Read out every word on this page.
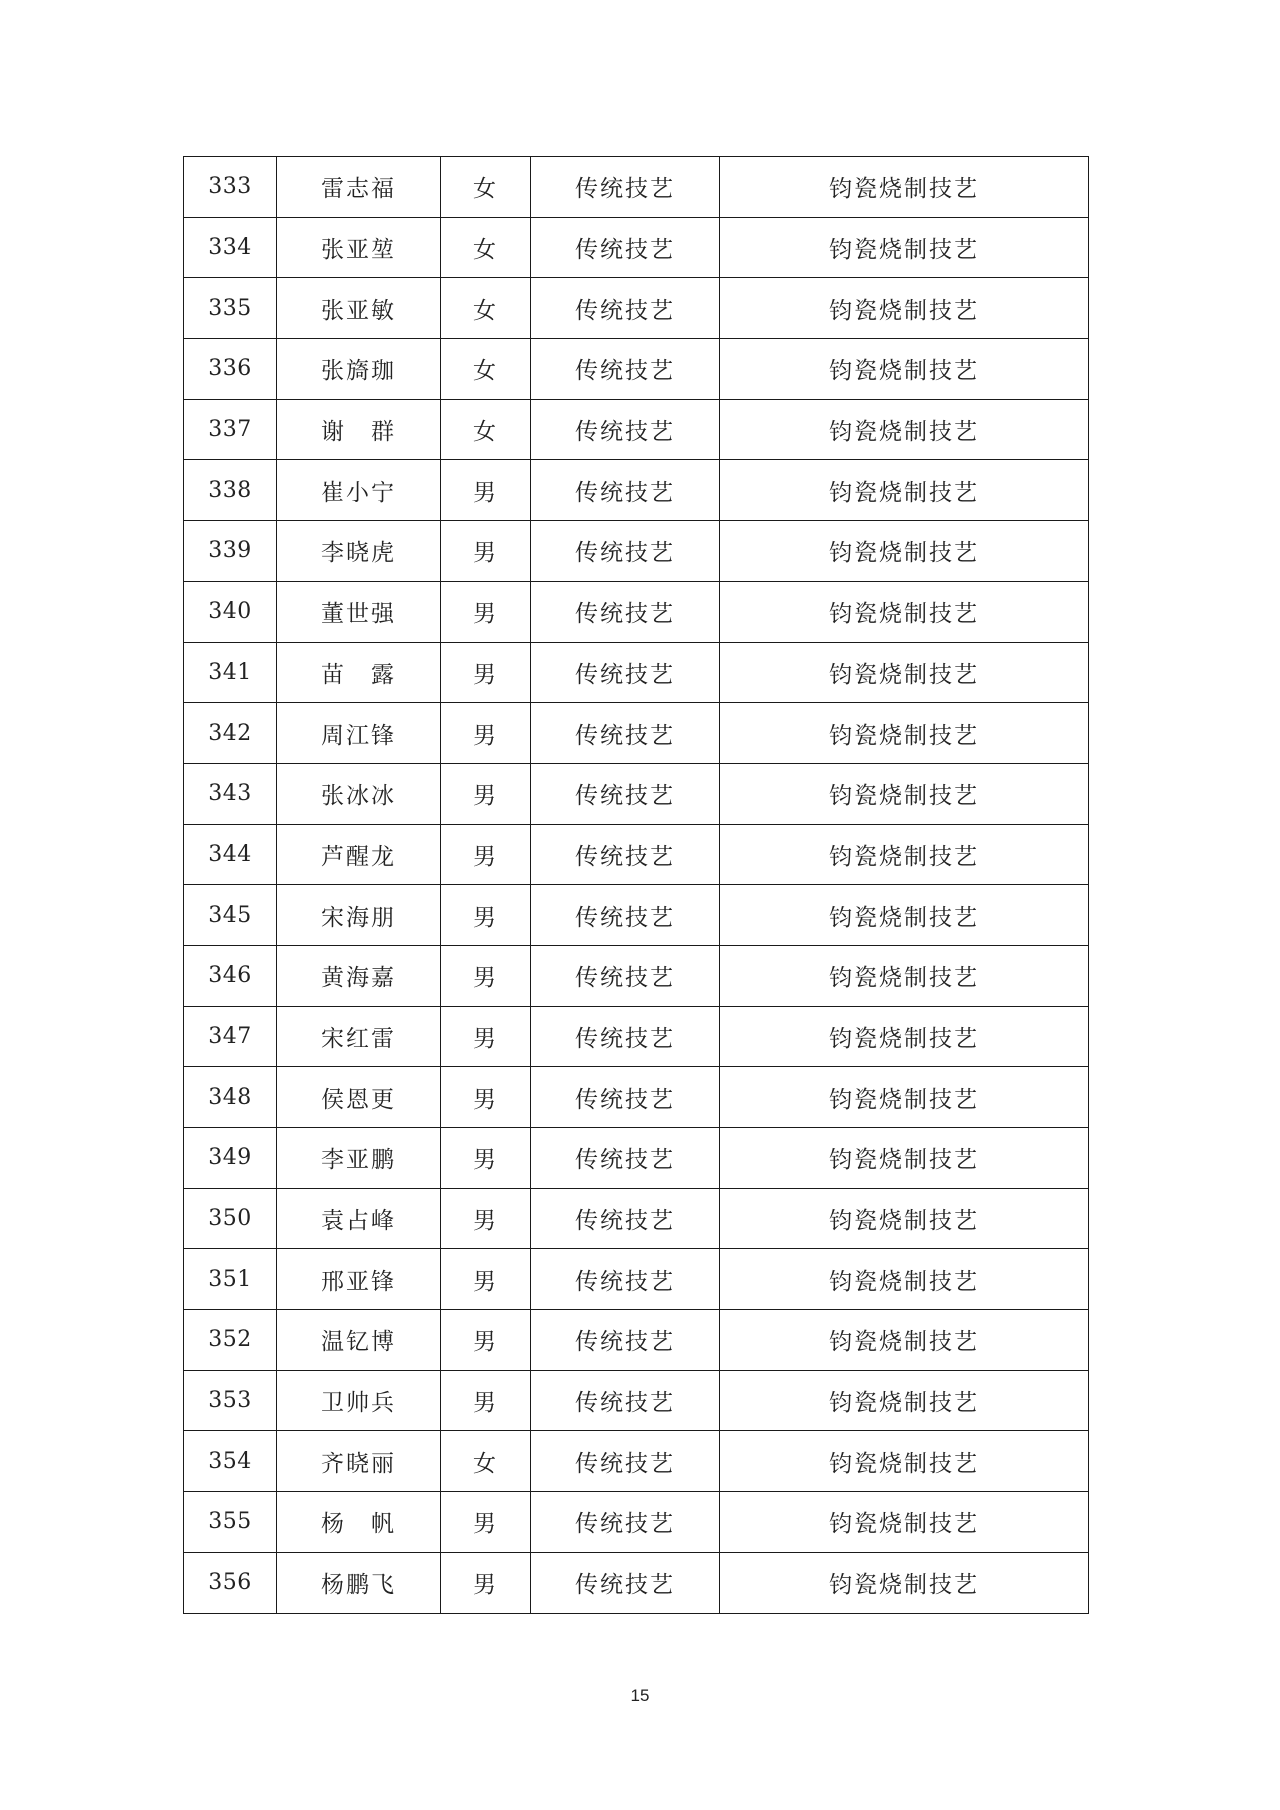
333	雷志福	女	传统技艺	钧瓷烧制技艺
334	张亚堃	女	传统技艺	钧瓷烧制技艺
335	张亚敏	女	传统技艺	钧瓷烧制技艺
336	张旖珈	女	传统技艺	钧瓷烧制技艺
337	谢　群	女	传统技艺	钧瓷烧制技艺
338	崔小宁	男	传统技艺	钧瓷烧制技艺
339	李晓虎	男	传统技艺	钧瓷烧制技艺
340	董世强	男	传统技艺	钧瓷烧制技艺
341	苗　露	男	传统技艺	钧瓷烧制技艺
342	周江锋	男	传统技艺	钧瓷烧制技艺
343	张冰冰	男	传统技艺	钧瓷烧制技艺
344	芦醒龙	男	传统技艺	钧瓷烧制技艺
345	宋海朋	男	传统技艺	钧瓷烧制技艺
346	黄海嘉	男	传统技艺	钧瓷烧制技艺
347	宋红雷	男	传统技艺	钧瓷烧制技艺
348	侯恩更	男	传统技艺	钧瓷烧制技艺
349	李亚鹏	男	传统技艺	钧瓷烧制技艺
350	袁占峰	男	传统技艺	钧瓷烧制技艺
351	邢亚锋	男	传统技艺	钧瓷烧制技艺
352	温钇博	男	传统技艺	钧瓷烧制技艺
353	卫帅兵	男	传统技艺	钧瓷烧制技艺
354	齐晓丽	女	传统技艺	钧瓷烧制技艺
355	杨　帆	男	传统技艺	钧瓷烧制技艺
356	杨鹏飞	男	传统技艺	钧瓷烧制技艺
15
